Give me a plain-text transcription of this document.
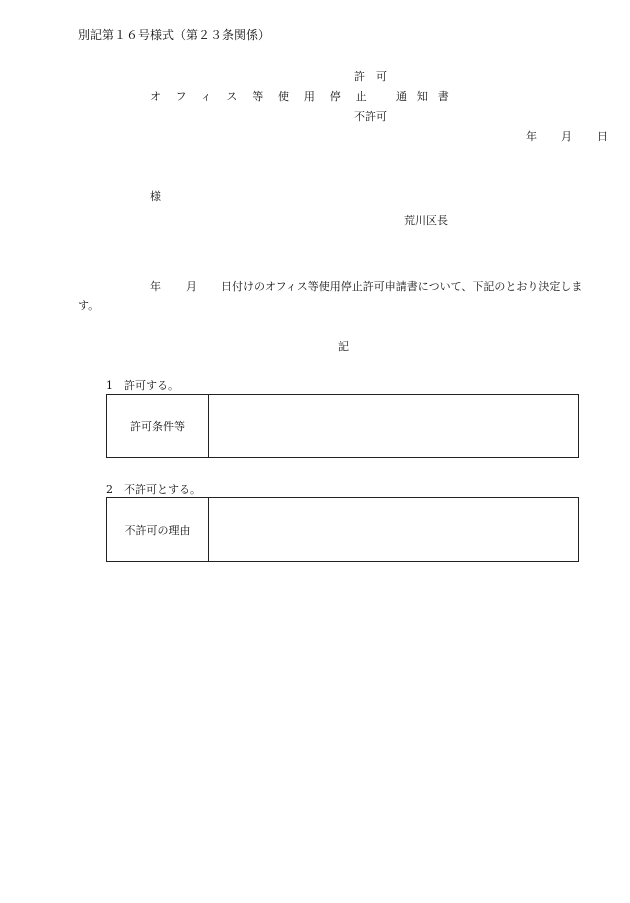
別記第１６号様式（第２３条関係）
許　可
オフィス等使用停止 通知書
不許可
年 月 日
様
荒川区長
年 月 日付けのオフィス等使用停止許可申請書について、下記のとおり決定しま
す。
記
1　許可する。
許可条件等
2　不許可とする。
不許可の理由
